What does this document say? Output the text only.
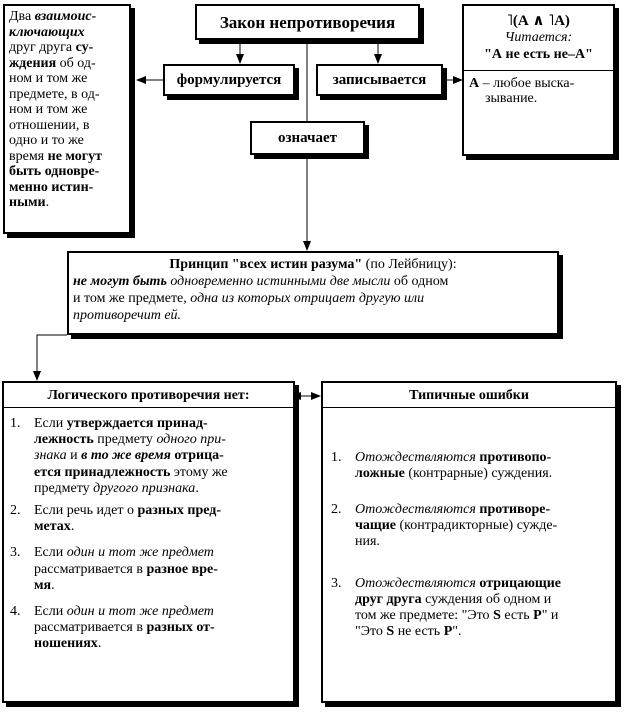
Закон непротиворечия
формулируется	записывается
означает
Два взаимоис-
ключающих
друг друга су-
ждения об од-
ном и том же
предмете, в од-
ном и том же
отношении, в
одно и то же
время не могут
быть одновре-
менно истин-
ными.
˥(А ∧ ˥А)
Читается:
"А не есть не–А"
А – любое выска-
зывание.
Принцип "всех истин разума" (по Лейбницу):
не могут быть одновременно истинными две мысли об одном
и том же предмете, одна из которых отрицает другую или
противоречит ей.
Логического противоречия нет:
1. Если утверждается принад-
лежность предмету одного при-
знака и в то же время отрица-
ется принадлежность этому же
предмету другого признака.
2. Если речь идет о разных пред-
метах.
3. Если один и тот же предмет
рассматривается в разное вре-
мя.
4. Если один и тот же предмет
рассматривается в разных от-
ношениях.
Типичные ошибки
1. Отождествляются противопо-
ложные (контрарные) суждения.
2. Отождествляются противоре-
чащие (контрадикторные) сужде-
ния.
3. Отождествляются отрицающие
друг друга суждения об одном и
том же предмете: "Это S есть P" и
"Это S не есть P".
